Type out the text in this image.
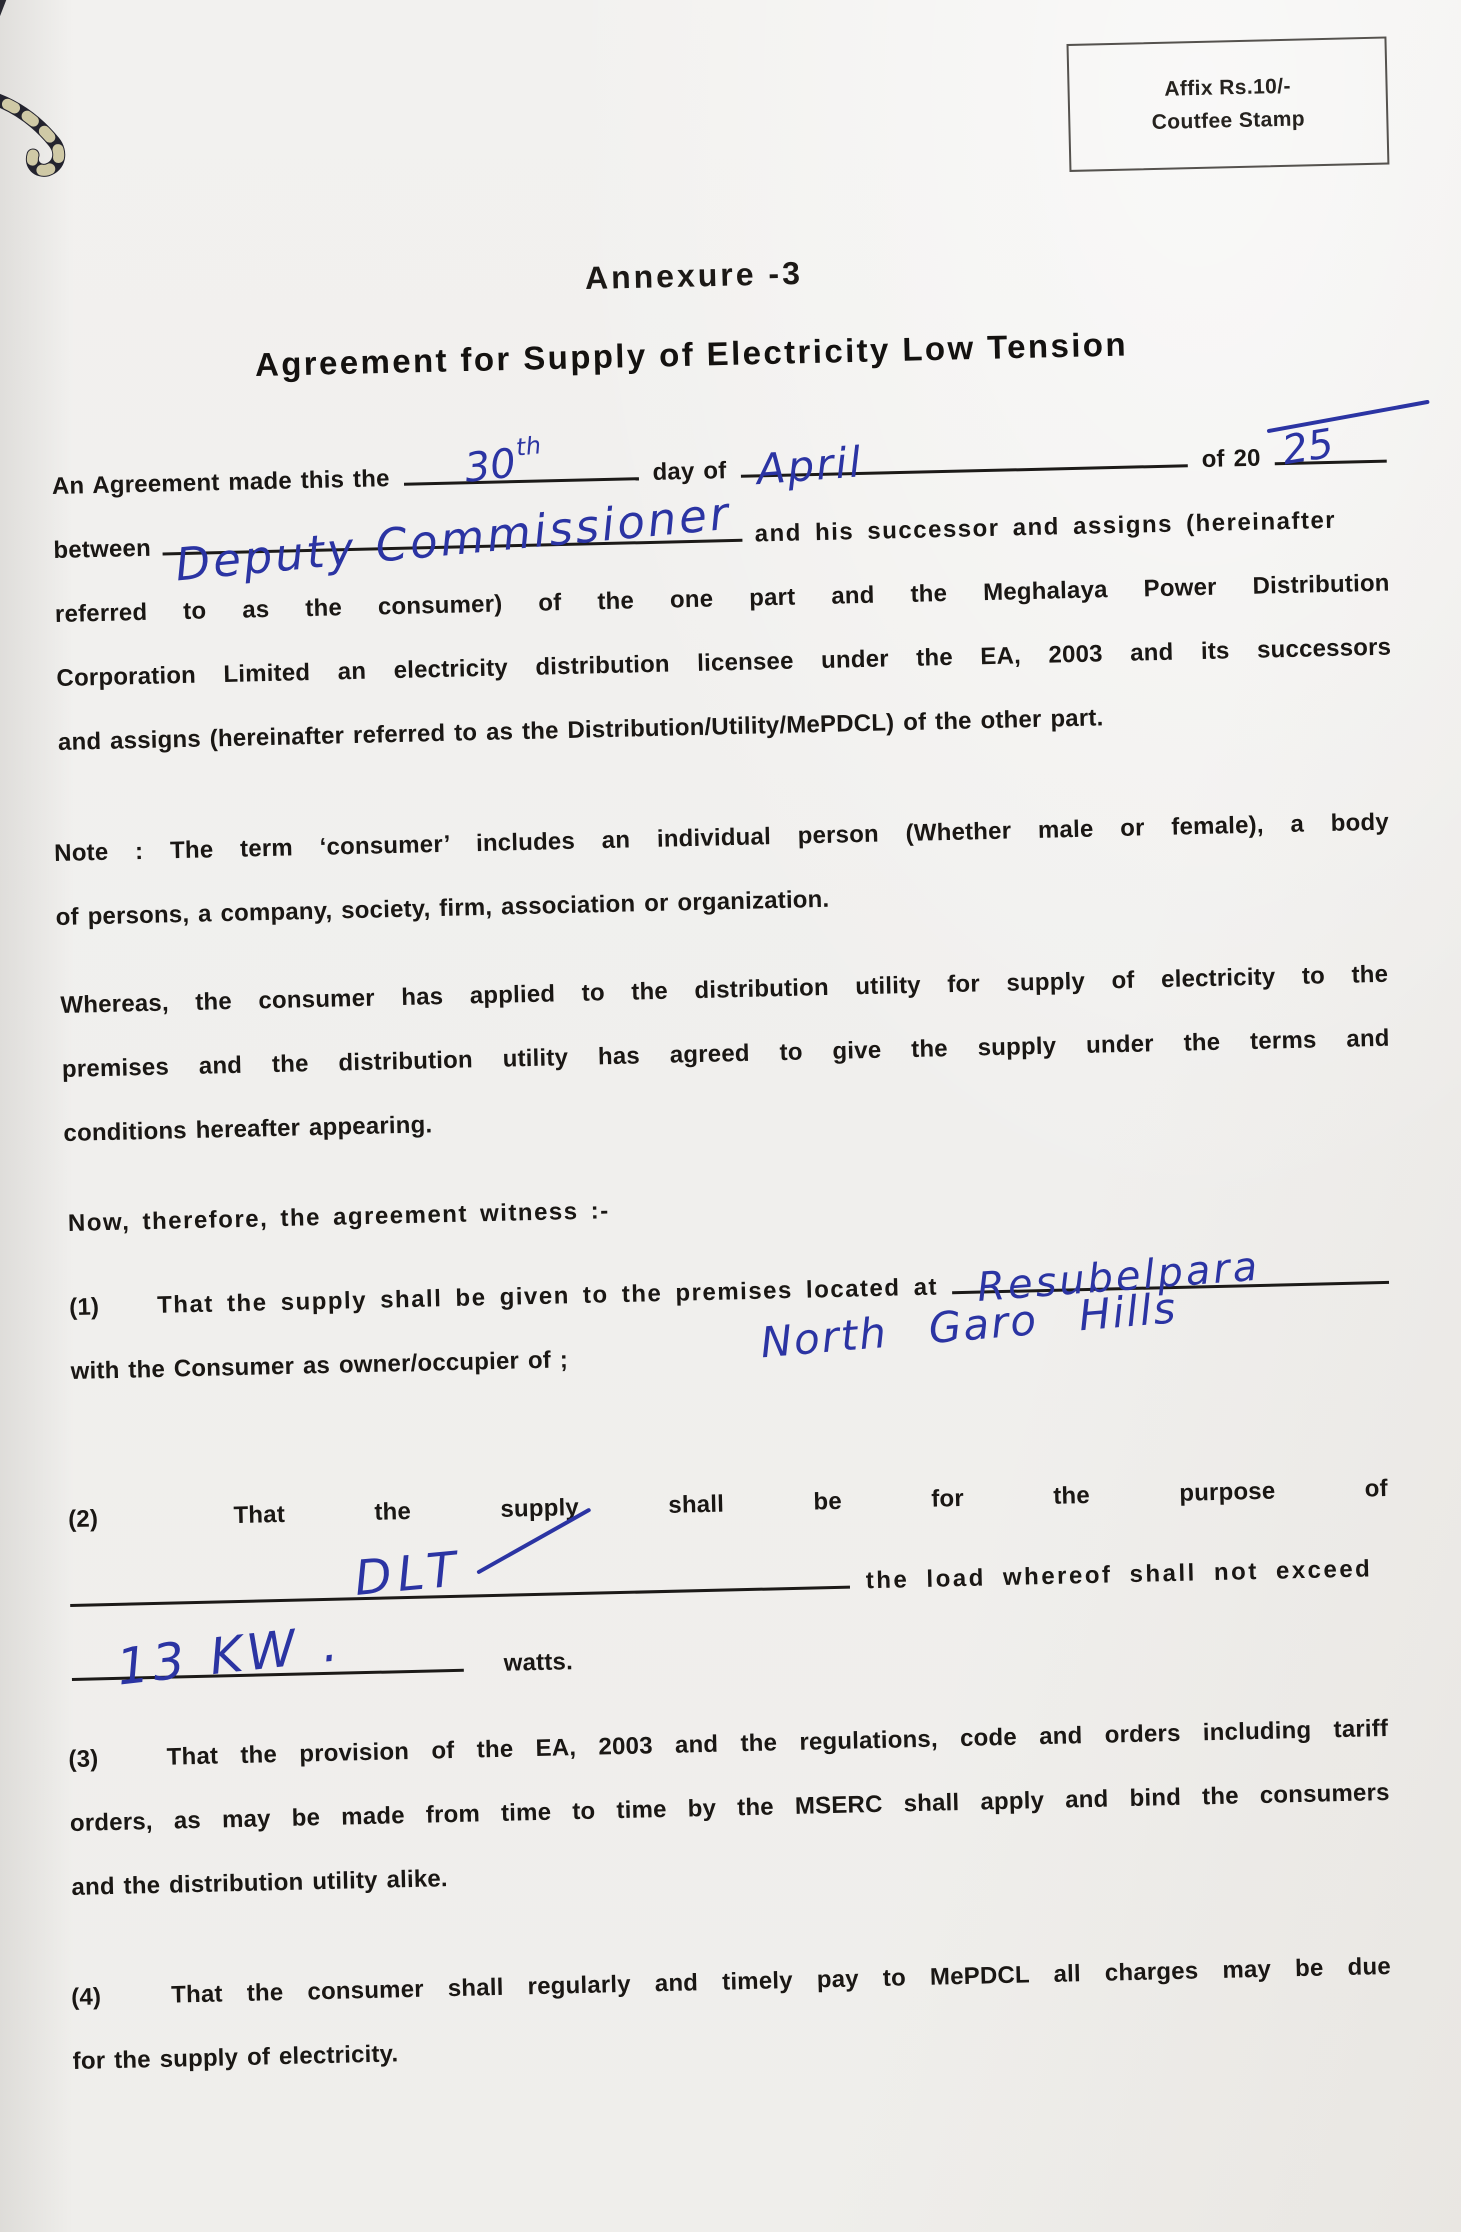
Affix Rs.10/-
Coutfee Stamp
Annexure -3
Agreement for Supply of Electricity Low Tension
An Agreement made this the 30th
day of April	of 20 25
between Deputy Commissioner and his successor and assigns (hereinafter
referred to as the consumer) of the one part and the Meghalaya Power Distribution
Corporation Limited an electricity distribution licensee under the EA, 2003 and its successors
and assigns (hereinafter referred to as the Distribution/Utility/MePDCL) of the other part.
Note : The term ‘consumer’ includes an individual person (Whether male or female), a body
of persons, a company, society, firm, association or organization.
Whereas, the consumer has applied to the distribution utility for supply of electricity to the
premises and the distribution utility has agreed to give the supply under the terms and
conditions hereafter appearing.
Now, therefore, the agreement witness :-
(1)	That the supply shall be given to the premises located at Resubelpara
with the Consumer as owner/occupier of ;	North Garo Hills
(2)	That the supply shall be for the purpose of
DLT	the load whereof shall not exceed
13 KW .	watts.
(3)	That the provision of the EA, 2003 and the regulations, code and orders including tariff
orders, as may be made from time to time by the MSERC shall apply and bind the consumers
and the distribution utility alike.
(4)	That the consumer shall regularly and timely pay to MePDCL all charges may be due
for the supply of electricity.
